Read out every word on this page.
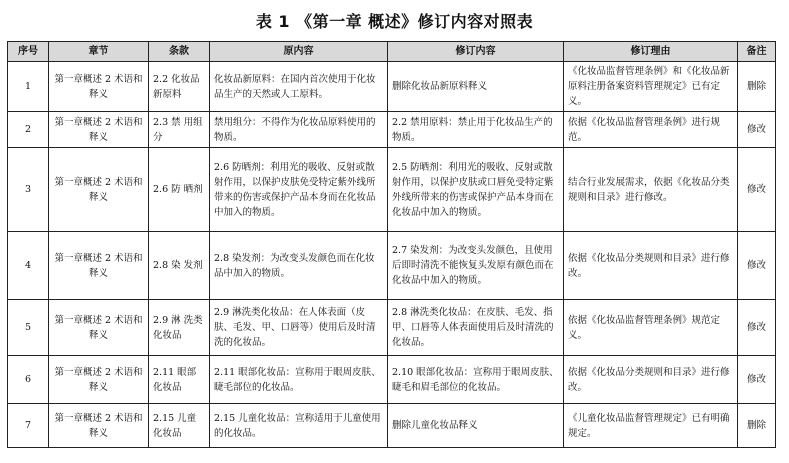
表 1 《第一章 概述》修订内容对照表
序号	章节	条款	原内容	修订内容	修订理由	备注
1	第一章概述 2 术语和释义	2.2 化妆品新原料	化妆品新原料：在国内首次使用于化妆品生产的天然或人工原料。	删除化妆品新原料释义	《化妆品监督管理条例》和《化妆品新原料注册备案资料管理规定》已有定义。	删除
2	第一章概述 2 术语和释义	2.3 禁 用组分	禁用组分：不得作为化妆品原料使用的物质。	2.2 禁用原料：禁止用于化妆品生产的物质。	依据《化妆品监督管理条例》进行规范。	修改
3	第一章概述 2 术语和释义	2.6 防 晒剂	2.6 防晒剂：利用光的吸收、反射或散射作用，以保护皮肤免受特定紫外线所带来的伤害或保护产品本身而在化妆品中加入的物质。	2.5 防晒剂：利用光的吸收、反射或散射作用，以保护皮肤或口唇免受特定紫外线所带来的伤害或保护产品本身而在化妆品中加入的物质。	结合行业发展需求，依据《化妆品分类规则和目录》进行修改。	修改
4	第一章概述 2 术语和释义	2.8 染 发剂	2.8 染发剂：为改变头发颜色而在化妆品中加入的物质。	2.7 染发剂：为改变头发颜色，且使用后即时清洗不能恢复头发原有颜色而在化妆品中加入的物质。	依据《化妆品分类规则和目录》进行修改。	修改
5	第一章概述 2 术语和释义	2.9 淋 洗类化妆品	2.9 淋洗类化妆品：在人体表面（皮肤、毛发、甲、口唇等）使用后及时清洗的化妆品。	2.8 淋洗类化妆品：在皮肤、毛发、指甲、口唇等人体表面使用后及时清洗的化妆品。	依据《化妆品监督管理条例》规范定义。	修改
6	第一章概述 2 术语和释义	2.11 眼部化妆品	2.11 眼部化妆品：宣称用于眼周皮肤、睫毛部位的化妆品。	2.10 眼部化妆品：宣称用于眼周皮肤、睫毛和眉毛部位的化妆品。	依据《化妆品分类规则和目录》进行修改。	修改
7	第一章概述 2 术语和释义	2.15 儿童化妆品	2.15 儿童化妆品：宣称适用于儿童使用的化妆品。	删除儿童化妆品释义	《儿童化妆品监督管理规定》已有明确规定。	删除
